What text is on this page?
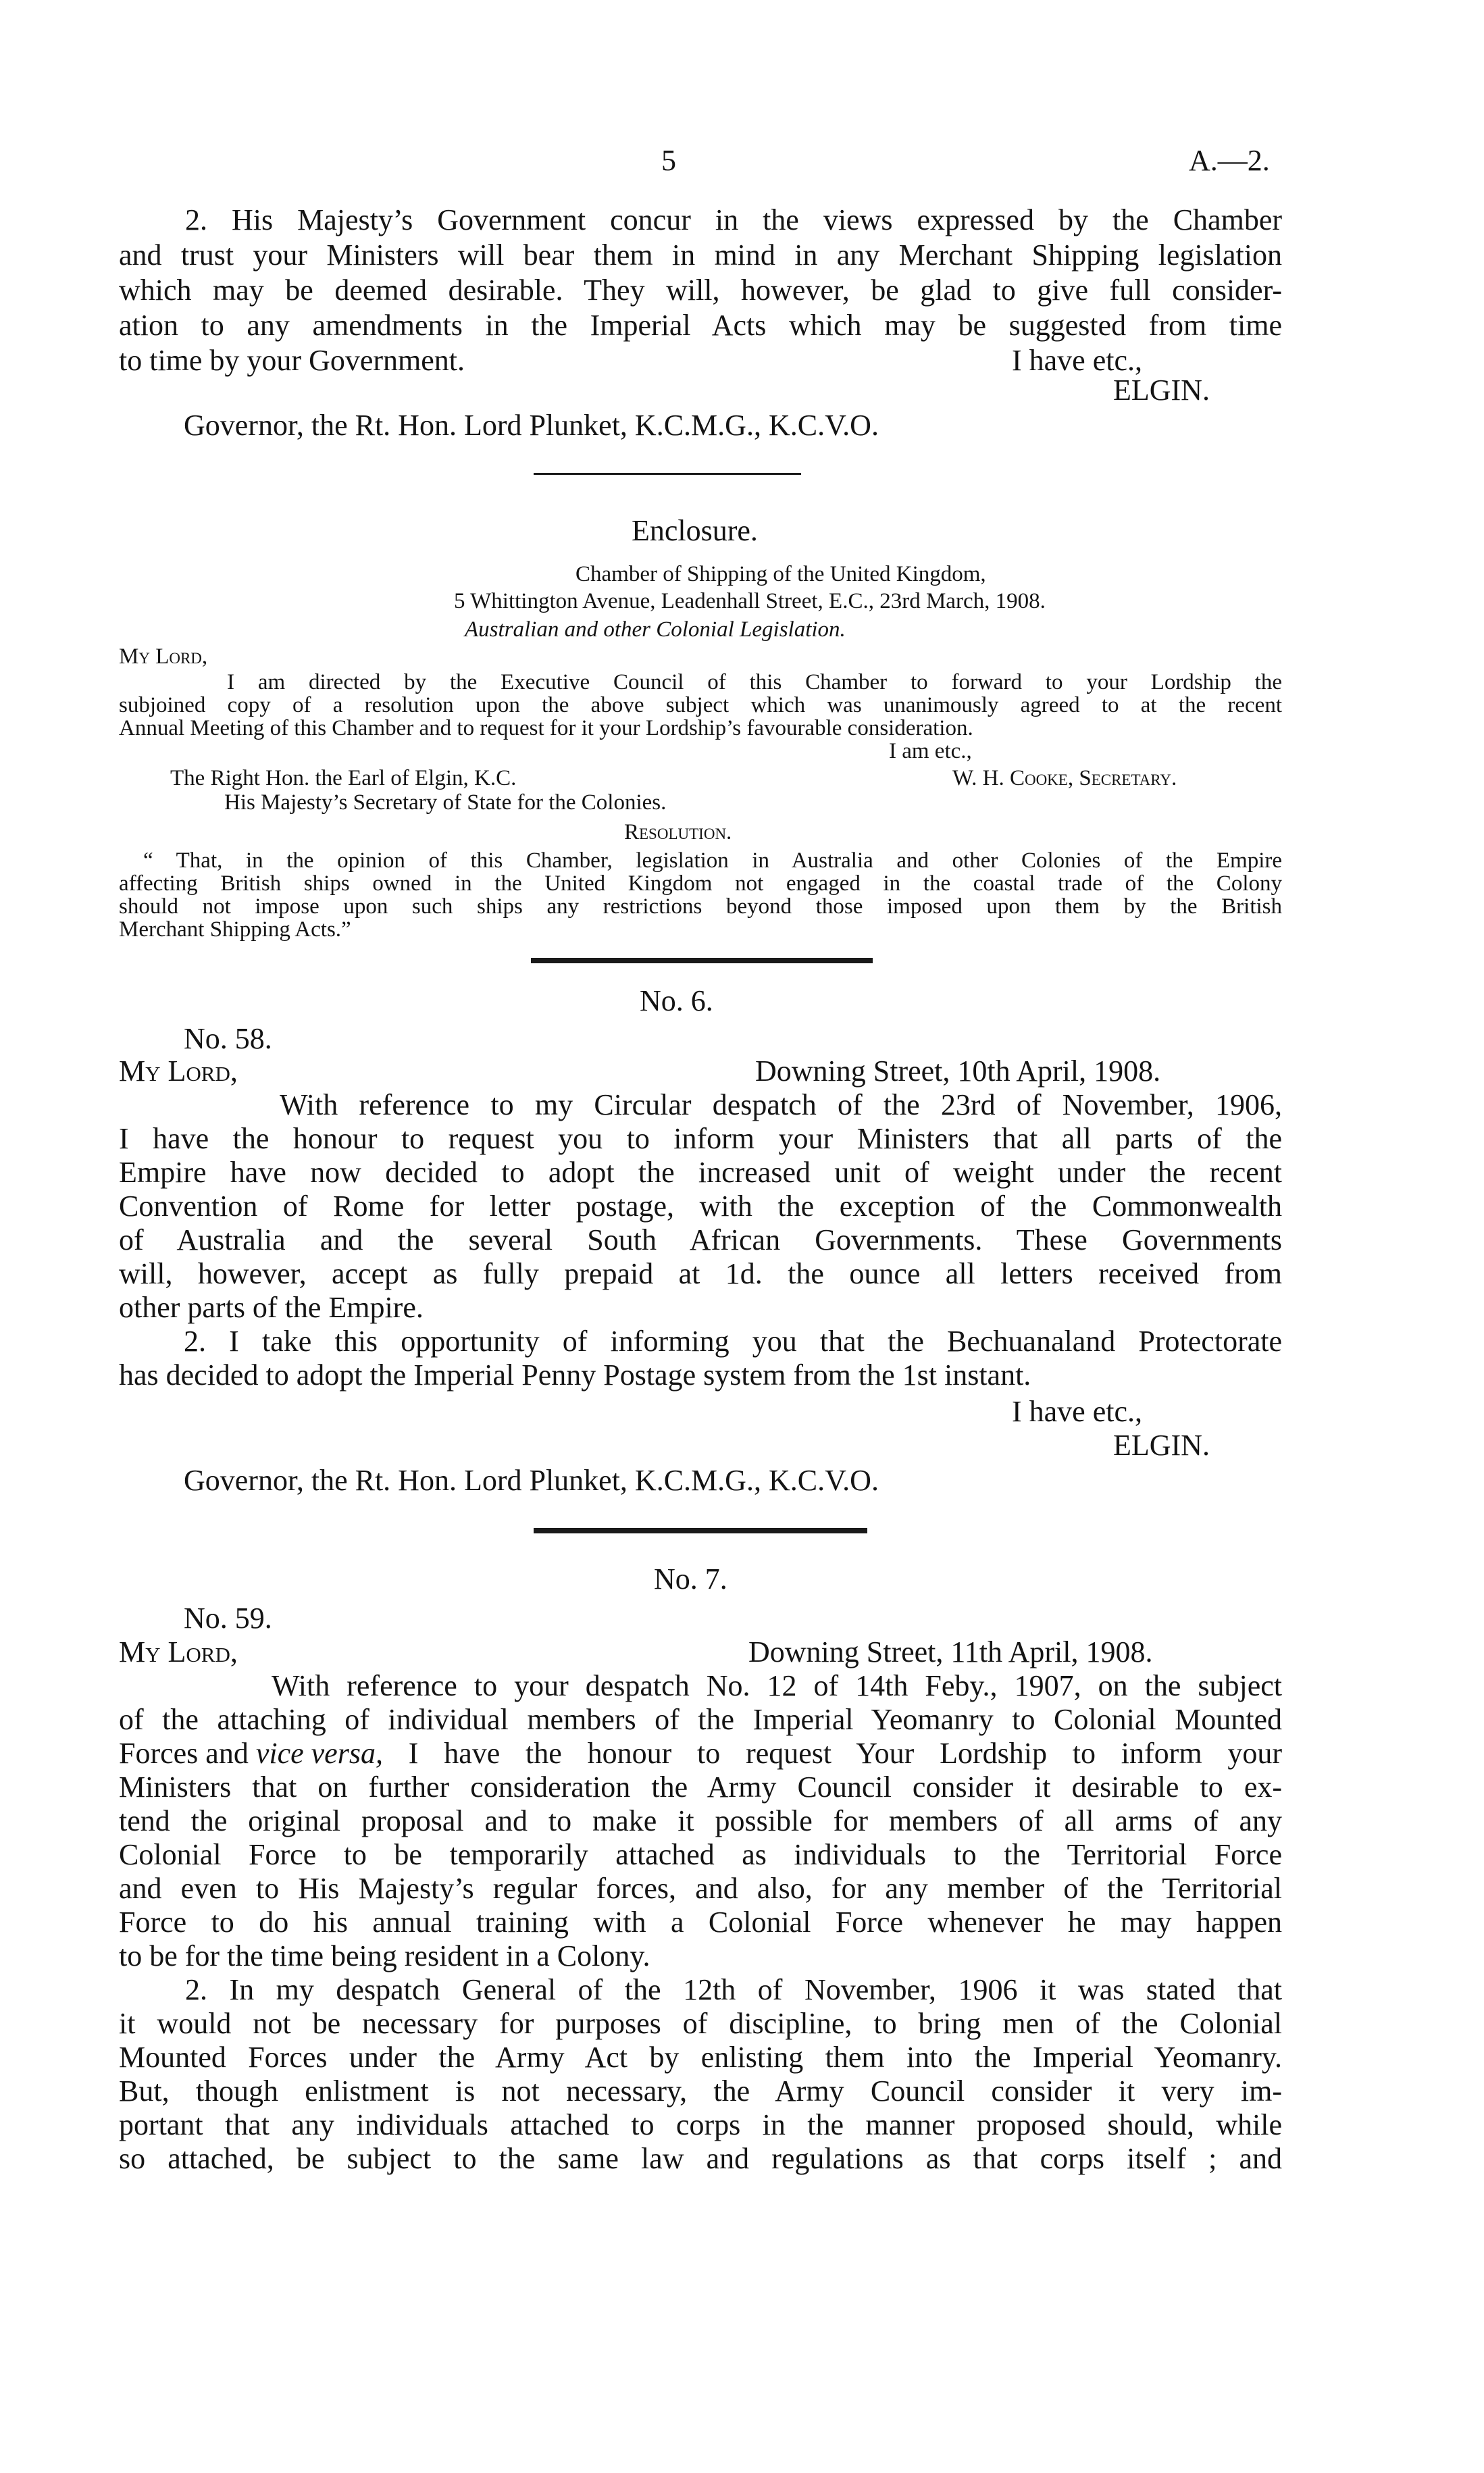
5	A.—2.
2. His Majesty’s Government concur in the views expressed by the Chamber
and trust your Ministers will bear them in mind in any Merchant Shipping legislation
which may be deemed desirable. They will, however, be glad to give full consider-
ation to any amendments in the Imperial Acts which may be suggested from time
to time by your Government.	I have etc.,
ELGIN.
Governor, the Rt. Hon. Lord Plunket, K.C.M.G., K.C.V.O.
Enclosure.
Chamber of Shipping of the United Kingdom,
5 Whittington Avenue, Leadenhall Street, E.C., 23rd March, 1908.
Australian and other Colonial Legislation.
My Lord,
I am directed by the Executive Council of this Chamber to forward to your Lordship the
subjoined copy of a resolution upon the above subject which was unanimously agreed to at the recent
Annual Meeting of this Chamber and to request for it your Lordship’s favourable consideration.
I am etc.,
The Right Hon. the Earl of Elgin, K.C.	W. H. Cooke, Secretary.
His Majesty’s Secretary of State for the Colonies.
Resolution.
“ That, in the opinion of this Chamber, legislation in Australia and other Colonies of the Empire
affecting British ships owned in the United Kingdom not engaged in the coastal trade of the Colony
should not impose upon such ships any restrictions beyond those imposed upon them by the British
Merchant Shipping Acts.”
No. 6.
No. 58.
My Lord,	Downing Street, 10th April, 1908.
With reference to my Circular despatch of the 23rd of November, 1906,
I have the honour to request you to inform your Ministers that all parts of the
Empire have now decided to adopt the increased unit of weight under the recent
Convention of Rome for letter postage, with the exception of the Commonwealth
of Australia and the several South African Governments. These Governments
will, however, accept as fully prepaid at 1d. the ounce all letters received from
other parts of the Empire.
2. I take this opportunity of informing you that the Bechuanaland Protectorate
has decided to adopt the Imperial Penny Postage system from the 1st instant.
I have etc.,
ELGIN.
Governor, the Rt. Hon. Lord Plunket, K.C.M.G., K.C.V.O.
No. 7.
No. 59.
My Lord,	Downing Street, 11th April, 1908.
With reference to your despatch No. 12 of 14th Feby., 1907, on the subject
of the attaching of individual members of the Imperial Yeomanry to Colonial Mounted
Forces and vice versa, I have the honour to request Your Lordship to inform your
Ministers that on further consideration the Army Council consider it desirable to ex-
tend the original proposal and to make it possible for members of all arms of any
Colonial Force to be temporarily attached as individuals to the Territorial Force
and even to His Majesty’s regular forces, and also, for any member of the Territorial
Force to do his annual training with a Colonial Force whenever he may happen
to be for the time being resident in a Colony.
2. In my despatch General of the 12th of November, 1906 it was stated that
it would not be necessary for purposes of discipline, to bring men of the Colonial
Mounted Forces under the Army Act by enlisting them into the Imperial Yeomanry.
But, though enlistment is not necessary, the Army Council consider it very im-
portant that any individuals attached to corps in the manner proposed should, while
so attached, be subject to the same law and regulations as that corps itself ; and
